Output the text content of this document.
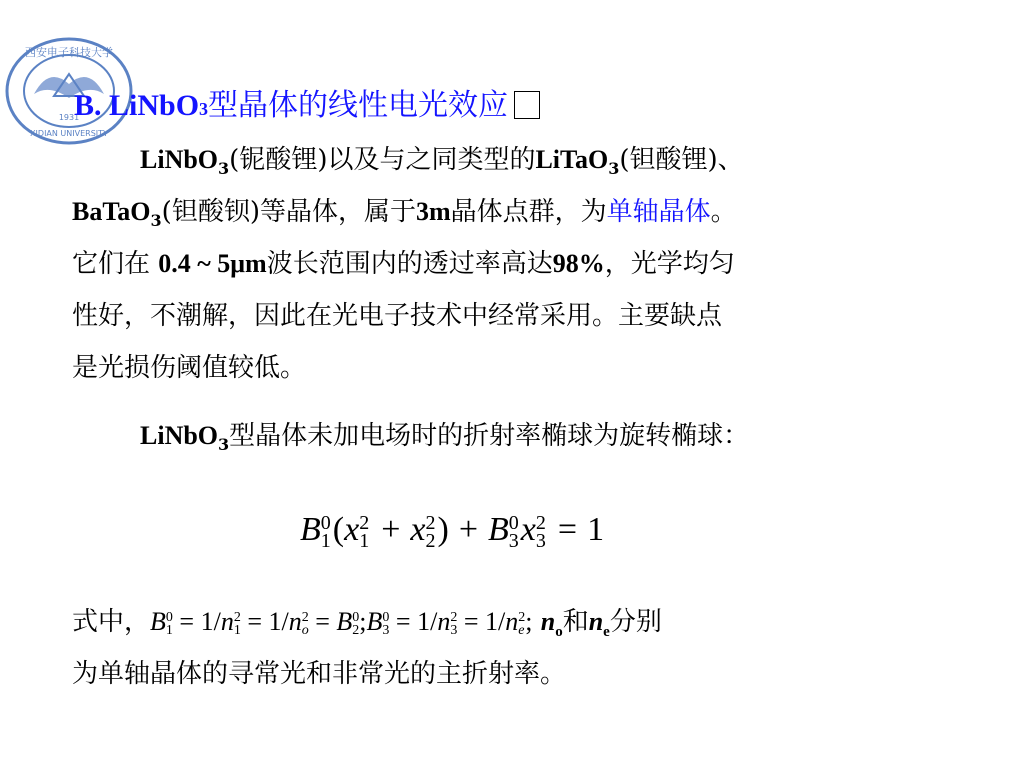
西安电子科技大学
XIDIAN UNIVERSITY
1931
B. LiNbO3型晶体的线性电光效应
LiNbO$_3$(铌酸锂)以及与之同类型的LiTaO$_3$(钽酸锂)、
BaTaO$_3$(钽酸钡)等晶体，属于3m晶体点群，为单轴晶体。
它们在 0.4 ~ 5μm波长范围内的透过率高达98%，光学均匀
性好，不潮解，因此在光电子技术中经常采用。主要缺点
是光损伤阈值较低。
LiNbO$_3$型晶体未加电场时的折射率椭球为旋转椭球：
B 0
1 (x 2
1 + x 2
2 ) + B 0
3 x 2
3 = 1
式中，B 0
1 = 1/n 2
1 = 1/n 2
o = B 0
2 ;B 0
3 = 1/n 2
3 = 1/n 2
e; $n_o$和$n_e$分别
为单轴晶体的寻常光和非常光的主折射率。
